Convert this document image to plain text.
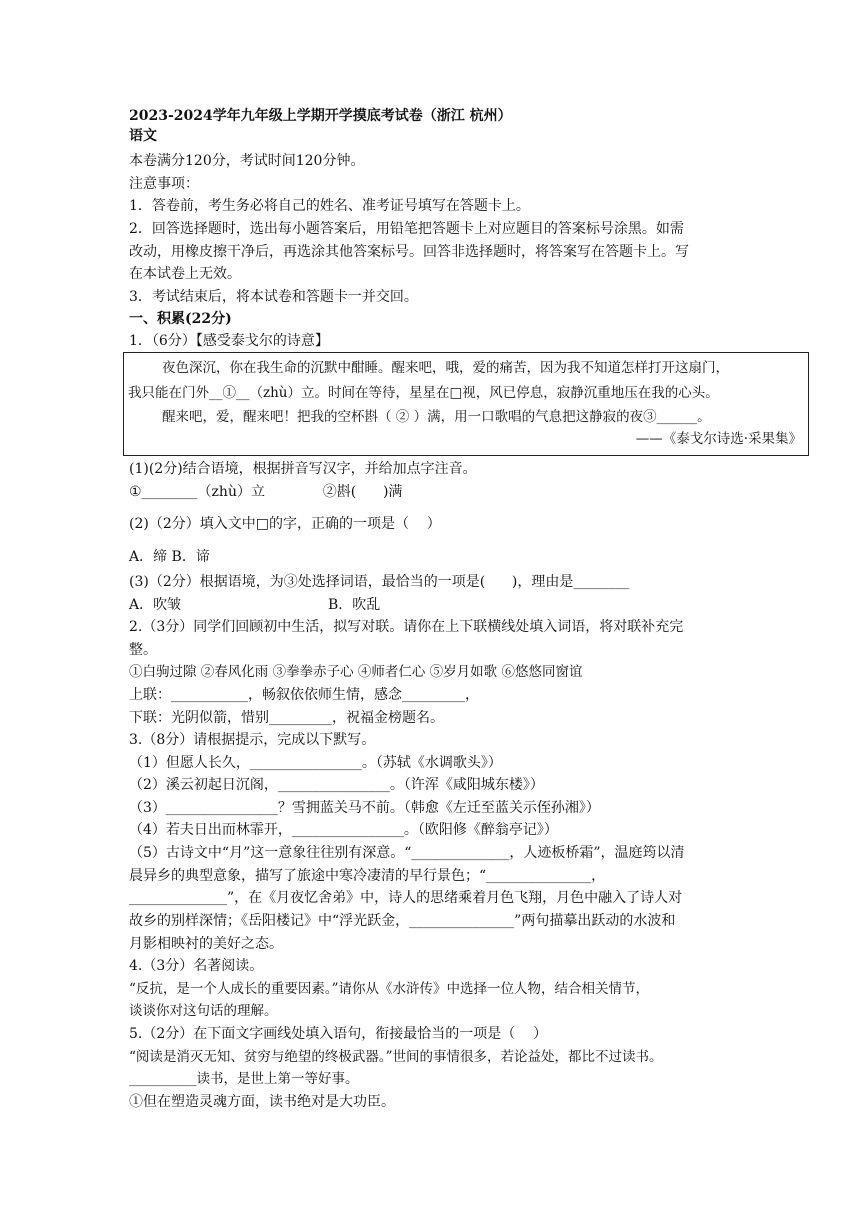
2023-2024学年九年级上学期开学摸底考试卷（浙江 杭州）
语文
本卷满分120分，考试时间120分钟。
注意事项：
1．答卷前，考生务必将自己的姓名、准考证号填写在答题卡上。
2．回答选择题时，选出每小题答案后，用铅笔把答题卡上对应题目的答案标号涂黑。如需
改动，用橡皮擦干净后，再选涂其他答案标号。回答非选择题时，将答案写在答题卡上。写
在本试卷上无效。
3．考试结束后，将本试卷和答题卡一并交回。
一、积累(22分)
1．（6分）【感受泰戈尔的诗意】
夜色深沉，你在我生命的沉默中酣睡。醒来吧，哦，爱的痛苦，因为我不知道怎样打开这扇门，
我只能在门外__①__（zhù）立。时间在等待，星星在□视，风已停息，寂静沉重地压在我的心头。
醒来吧，爱，醒来吧！把我的空杯斟（ ② ）满，用一口歌唱的气息把这静寂的夜③______。
——《泰戈尔诗选·采果集》
(1)(2分)结合语境，根据拼音写汉字，并给加点字注音。
①________（zhù）立             ②斟(      )满
(2)（2分）填入文中□的字，正确的一项是（    ）
A．缔 B．谛
(3)（2分）根据语境，为③处选择词语，最恰当的一项是(      )，理由是________
A．吹皱                                 B．吹乱
2.（3分）同学们回顾初中生活，拟写对联。请你在上下联横线处填入词语，将对联补充完
整。
①白驹过隙 ②春风化雨 ③拳拳赤子心 ④师者仁心 ⑤岁月如歌 ⑥悠悠同窗谊
上联：___________，畅叙依依师生情，感念_________，
下联：光阴似箭，惜别_________，祝福金榜题名。
3.（8分）请根据提示，完成以下默写。
（1）但愿人长久，________________。（苏轼《水调歌头》）
（2）溪云初起日沉阁，________________。（许浑《咸阳城东楼》）
（3）________________？雪拥蓝关马不前。（韩愈《左迁至蓝关示侄孙湘》）
（4）若夫日出而林霏开，________________。（欧阳修《醉翁亭记》）
（5）古诗文中“月”这一意象往往别有深意。“______________，人迹板桥霜”，温庭筠以清
晨异乡的典型意象，描写了旅途中寒冷凄清的早行景色；“_______________，
______________”，在《月夜忆舍弟》中，诗人的思绪乘着月色飞翔，月色中融入了诗人对
故乡的别样深情；《岳阳楼记》中“浮光跃金，_______________”两句描摹出跃动的水波和
月影相映衬的美好之态。
4.（3分）名著阅读。
“反抗，是一个人成长的重要因素。”请你从《水浒传》中选择一位人物，结合相关情节，
谈谈你对这句话的理解。
5.（2分）在下面文字画线处填入语句，衔接最恰当的一项是（    ）
“阅读是消灭无知、贫穷与绝望的终极武器。”世间的事情很多，若论益处，都比不过读书。
__________读书，是世上第一等好事。
①但在塑造灵魂方面，读书绝对是大功臣。
